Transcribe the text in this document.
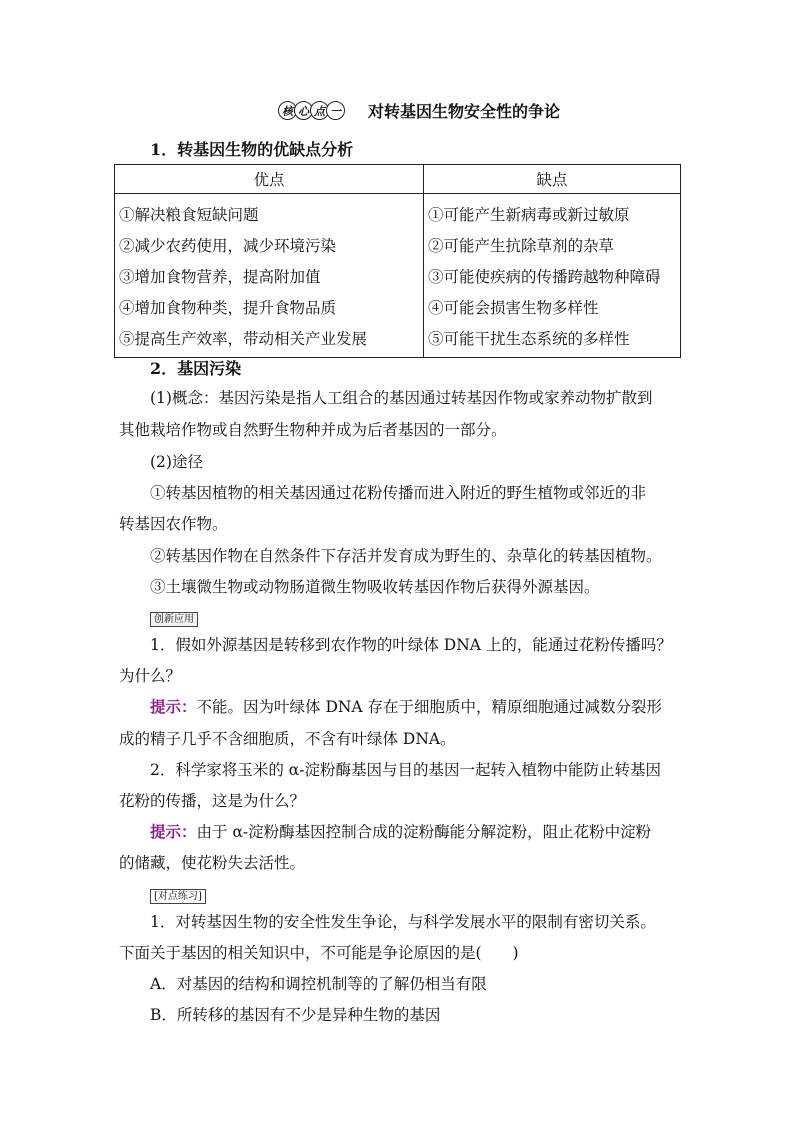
核 心 点 一 对转基因生物安全性的争论
1．转基因生物的优缺点分析
优点	缺点
①解决粮食短缺问题	①可能产生新病毒或新过敏原
②减少农药使用，减少环境污染	②可能产生抗除草剂的杂草
③增加食物营养，提高附加值	③可能使疾病的传播跨越物种障碍
④增加食物种类，提升食物品质	④可能会损害生物多样性
⑤提高生产效率，带动相关产业发展	⑤可能干扰生态系统的多样性
2．基因污染
(1)概念：基因污染是指人工组合的基因通过转基因作物或家养动物扩散到
其他栽培作物或自然野生物种并成为后者基因的一部分。
(2)途径
①转基因植物的相关基因通过花粉传播而进入附近的野生植物或邻近的非
转基因农作物。
②转基因作物在自然条件下存活并发育成为野生的、杂草化的转基因植物。
③土壤微生物或动物肠道微生物吸收转基因作物后获得外源基因。
创新应用
1．假如外源基因是转移到农作物的叶绿体 DNA 上的，能通过花粉传播吗？
为什么？
提示：不能。因为叶绿体 DNA 存在于细胞质中，精原细胞通过减数分裂形
成的精子几乎不含细胞质，不含有叶绿体 DNA。
2．科学家将玉米的 α-淀粉酶基因与目的基因一起转入植物中能防止转基因
花粉的传播，这是为什么？
提示：由于 α-淀粉酶基因控制合成的淀粉酶能分解淀粉，阻止花粉中淀粉
的储藏，使花粉失去活性。
[对点练习]
1．对转基因生物的安全性发生争论，与科学发展水平的限制有密切关系。
下面关于基因的相关知识中，不可能是争论原因的是(　　)
A．对基因的结构和调控机制等的了解仍相当有限
B．所转移的基因有不少是异种生物的基因
